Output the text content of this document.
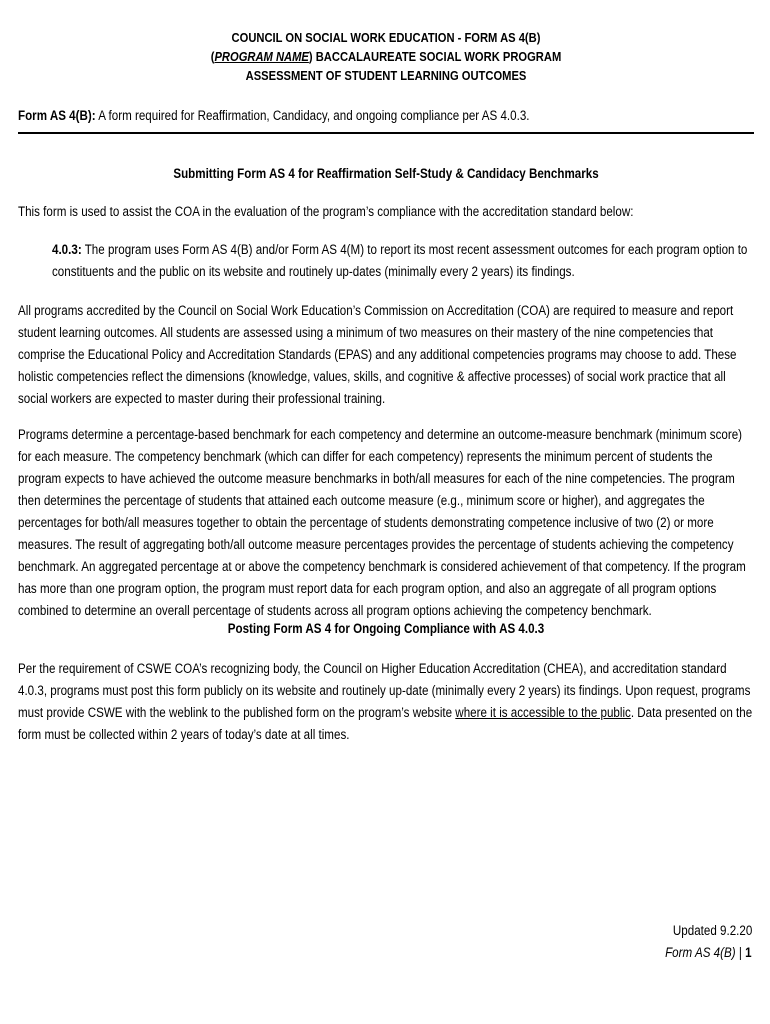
COUNCIL ON SOCIAL WORK EDUCATION - FORM AS 4(B)
(PROGRAM NAME) BACCALAUREATE SOCIAL WORK PROGRAM
ASSESSMENT OF STUDENT LEARNING OUTCOMES
Form AS 4(B): A form required for Reaffirmation, Candidacy, and ongoing compliance per AS 4.0.3.
Submitting Form AS 4 for Reaffirmation Self-Study & Candidacy Benchmarks
This form is used to assist the COA in the evaluation of the program’s compliance with the accreditation standard below:
4.0.3: The program uses Form AS 4(B) and/or Form AS 4(M) to report its most recent assessment outcomes for each program option to constituents and the public on its website and routinely up-dates (minimally every 2 years) its findings.
All programs accredited by the Council on Social Work Education’s Commission on Accreditation (COA) are required to measure and report student learning outcomes. All students are assessed using a minimum of two measures on their mastery of the nine competencies that comprise the Educational Policy and Accreditation Standards (EPAS) and any additional competencies programs may choose to add. These holistic competencies reflect the dimensions (knowledge, values, skills, and cognitive & affective processes) of social work practice that all social workers are expected to master during their professional training.
Programs determine a percentage-based benchmark for each competency and determine an outcome-measure benchmark (minimum score) for each measure. The competency benchmark (which can differ for each competency) represents the minimum percent of students the program expects to have achieved the outcome measure benchmarks in both/all measures for each of the nine competencies. The program then determines the percentage of students that attained each outcome measure (e.g., minimum score or higher), and aggregates the percentages for both/all measures together to obtain the percentage of students demonstrating competence inclusive of two (2) or more measures. The result of aggregating both/all outcome measure percentages provides the percentage of students achieving the competency benchmark. An aggregated percentage at or above the competency benchmark is considered achievement of that competency. If the program has more than one program option, the program must report data for each program option, and also an aggregate of all program options combined to determine an overall percentage of students across all program options achieving the competency benchmark.
Posting Form AS 4 for Ongoing Compliance with AS 4.0.3
Per the requirement of CSWE COA’s recognizing body, the Council on Higher Education Accreditation (CHEA), and accreditation standard 4.0.3, programs must post this form publicly on its website and routinely up-date (minimally every 2 years) its findings. Upon request, programs must provide CSWE with the weblink to the published form on the program’s website where it is accessible to the public. Data presented on the form must be collected within 2 years of today’s date at all times.
Updated 9.2.20
Form AS 4(B) | 1
